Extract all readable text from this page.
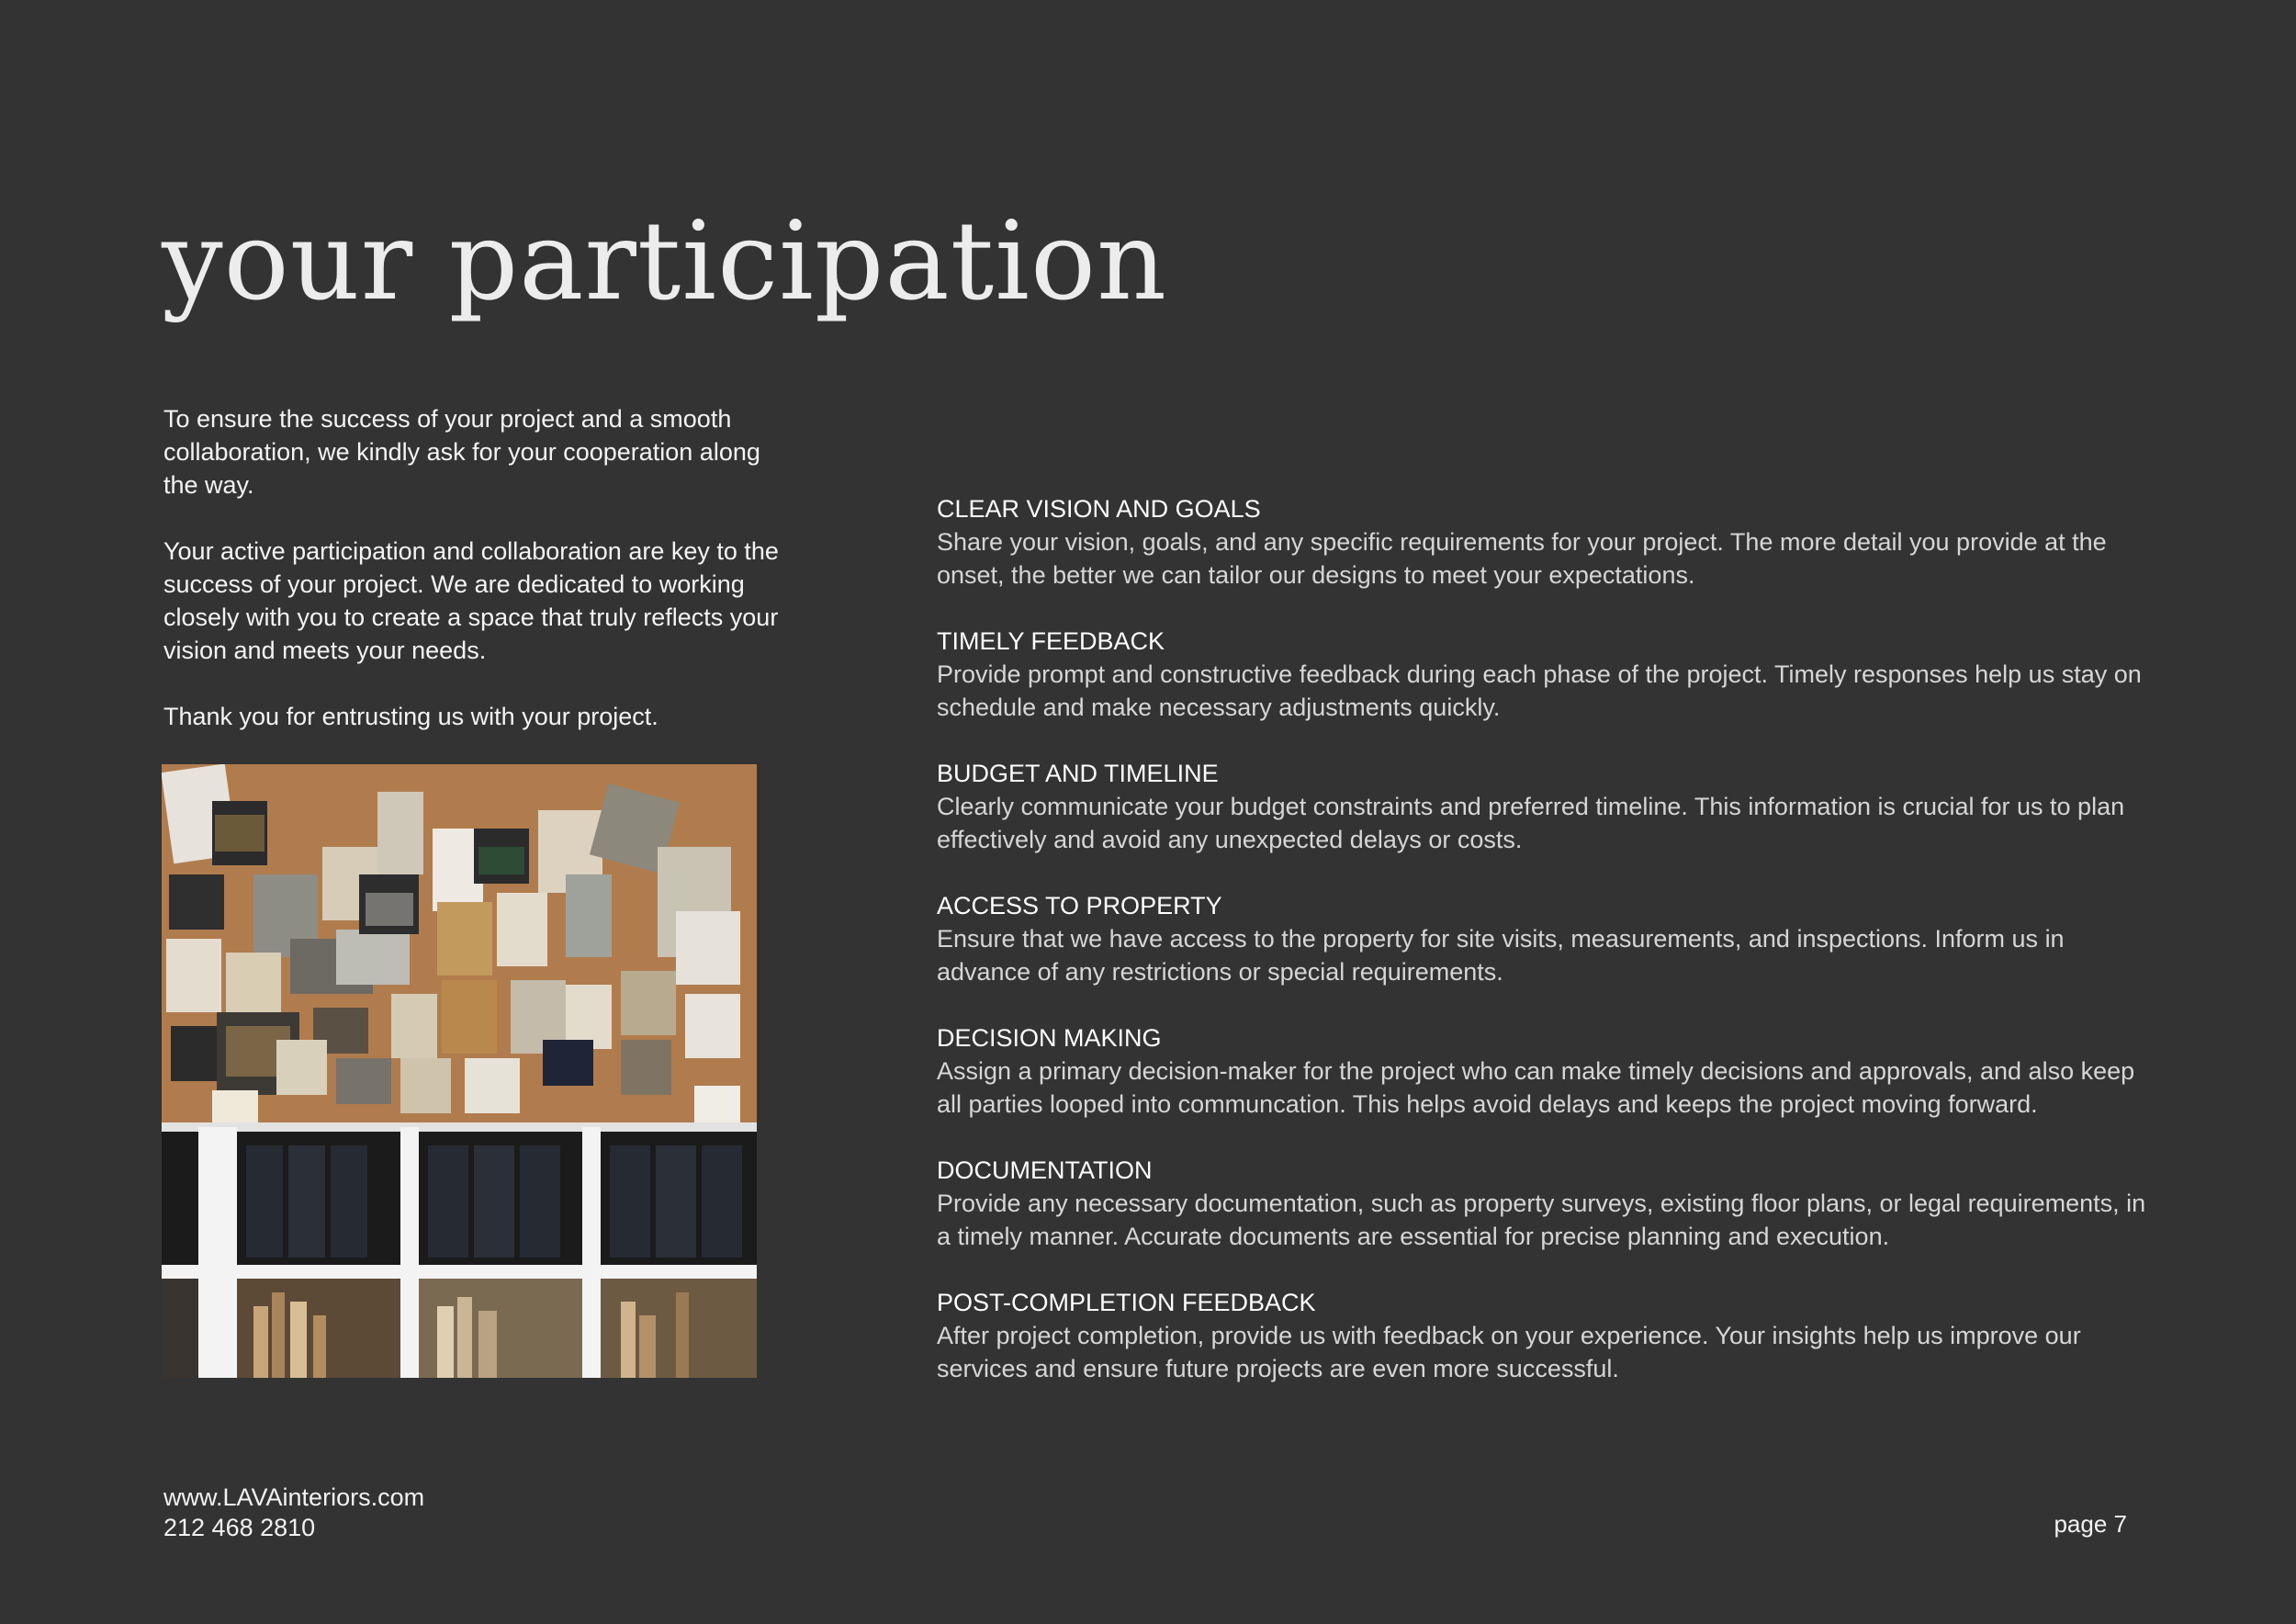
your participation

To ensure the success of your project and a smooth collaboration, we kindly ask for your cooperation along the way.

Your active participation and collaboration are key to the success of your project. We are dedicated to working closely with you to create a space that truly reflects your vision and meets your needs.

Thank you for entrusting us with your project.

CLEAR VISION AND GOALS
Share your vision, goals, and any specific requirements for your project. The more detail you provide at the onset, the better we can tailor our designs to meet your expectations.
TIMELY FEEDBACK
Provide prompt and constructive feedback during each phase of the project. Timely responses help us stay on schedule and make necessary adjustments quickly.
BUDGET AND TIMELINE
Clearly communicate your budget constraints and preferred timeline. This information is crucial for us to plan effectively and avoid any unexpected delays or costs.
ACCESS TO PROPERTY
Ensure that we have access to the property for site visits, measurements, and inspections. Inform us in advance of any restrictions or special requirements.
DECISION MAKING
Assign a primary decision-maker for the project who can make timely decisions and approvals, and also keep all parties looped into communcation. This helps avoid delays and keeps the project moving forward.
DOCUMENTATION
Provide any necessary documentation, such as property surveys, existing floor plans, or legal requirements, in a timely manner. Accurate documents are essential for precise planning and execution.
POST-COMPLETION FEEDBACK
After project completion, provide us with feedback on your experience. Your insights help us improve our services and ensure future projects are even more successful.
www.LAVAinteriors.com
212 468 2810	page 7
